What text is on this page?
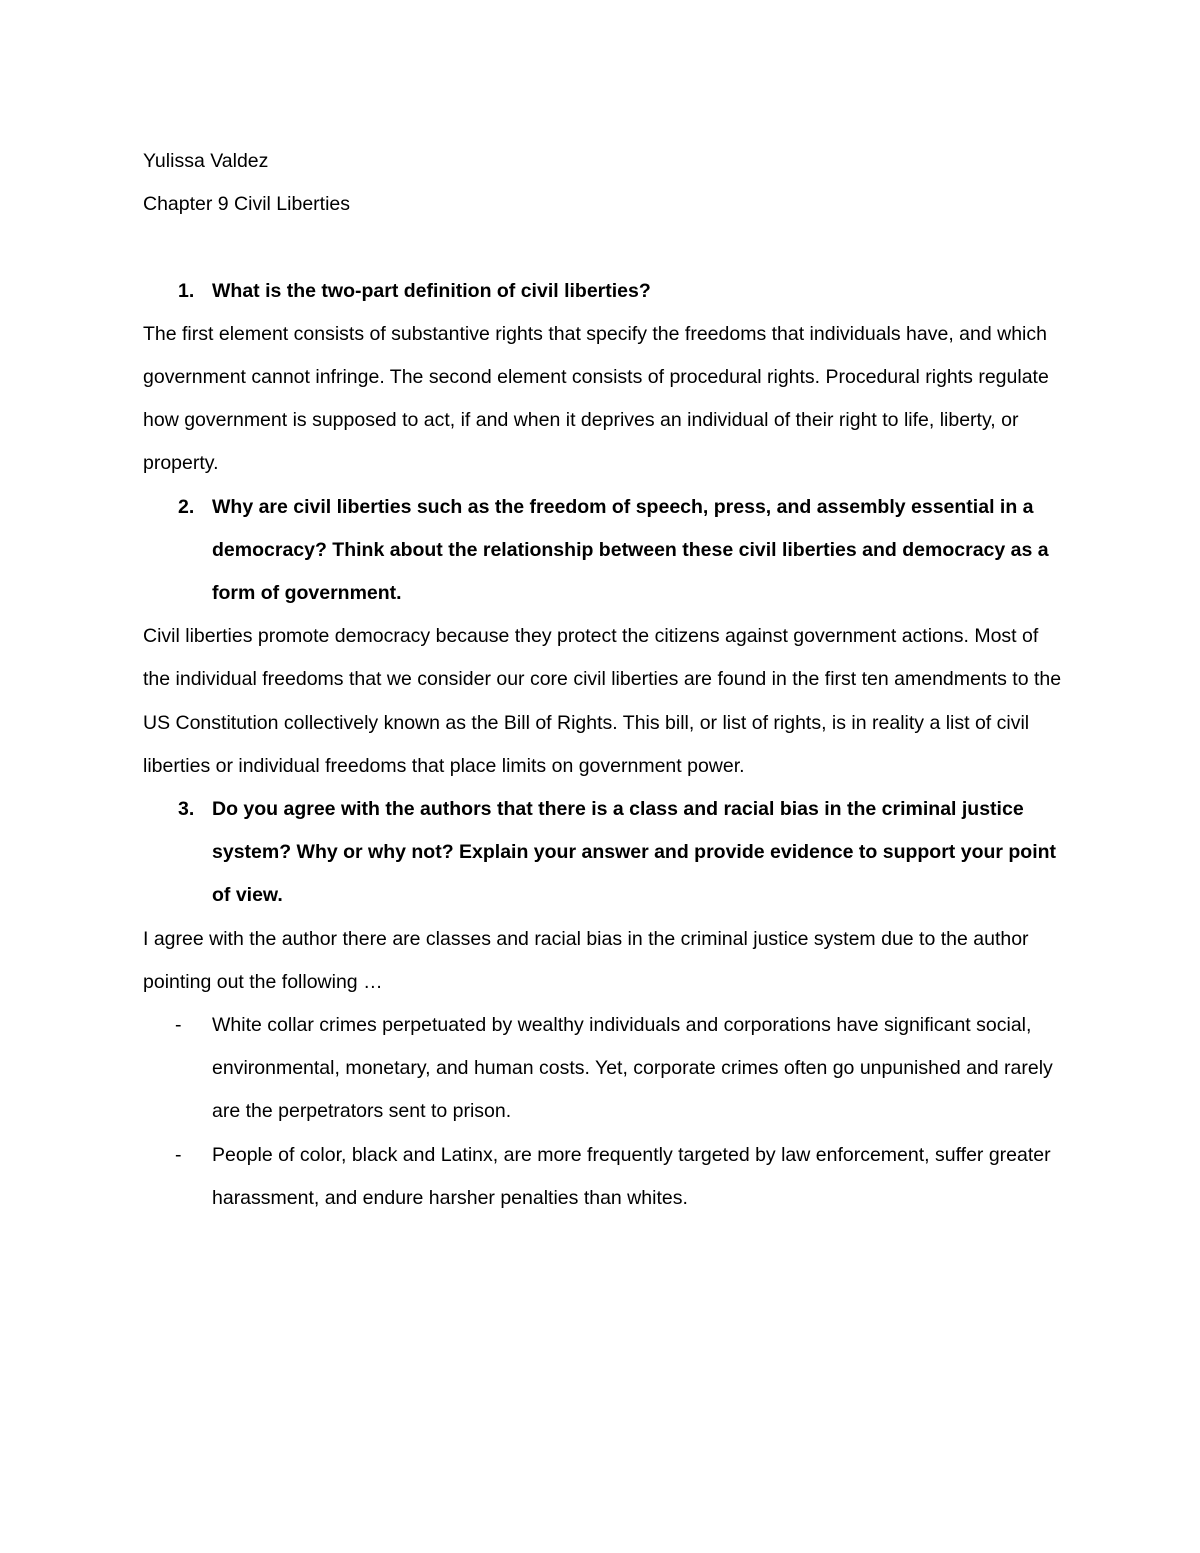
Yulissa Valdez

Chapter 9 Civil Liberties

1. What is the two-part definition of civil liberties?

The first element consists of substantive rights that specify the freedoms that individuals have, and which government cannot infringe. The second element consists of procedural rights. Procedural rights regulate how government is supposed to act, if and when it deprives an individual of their right to life, liberty, or property.

2. Why are civil liberties such as the freedom of speech, press, and assembly essential in a democracy? Think about the relationship between these civil liberties and democracy as a form of government.

Civil liberties promote democracy because they protect the citizens against government actions. Most of the individual freedoms that we consider our core civil liberties are found in the first ten amendments to the US Constitution collectively known as the Bill of Rights. This bill, or list of rights, is in reality a list of civil liberties or individual freedoms that place limits on government power.

3. Do you agree with the authors that there is a class and racial bias in the criminal justice system? Why or why not? Explain your answer and provide evidence to support your point of view.

I agree with the author there are classes and racial bias in the criminal justice system due to the author pointing out the following …

-	White collar crimes perpetuated by wealthy individuals and corporations have significant social, environmental, monetary, and human costs. Yet, corporate crimes often go unpunished and rarely are the perpetrators sent to prison.
-	People of color, black and Latinx, are more frequently targeted by law enforcement, suffer greater harassment, and endure harsher penalties than whites.
